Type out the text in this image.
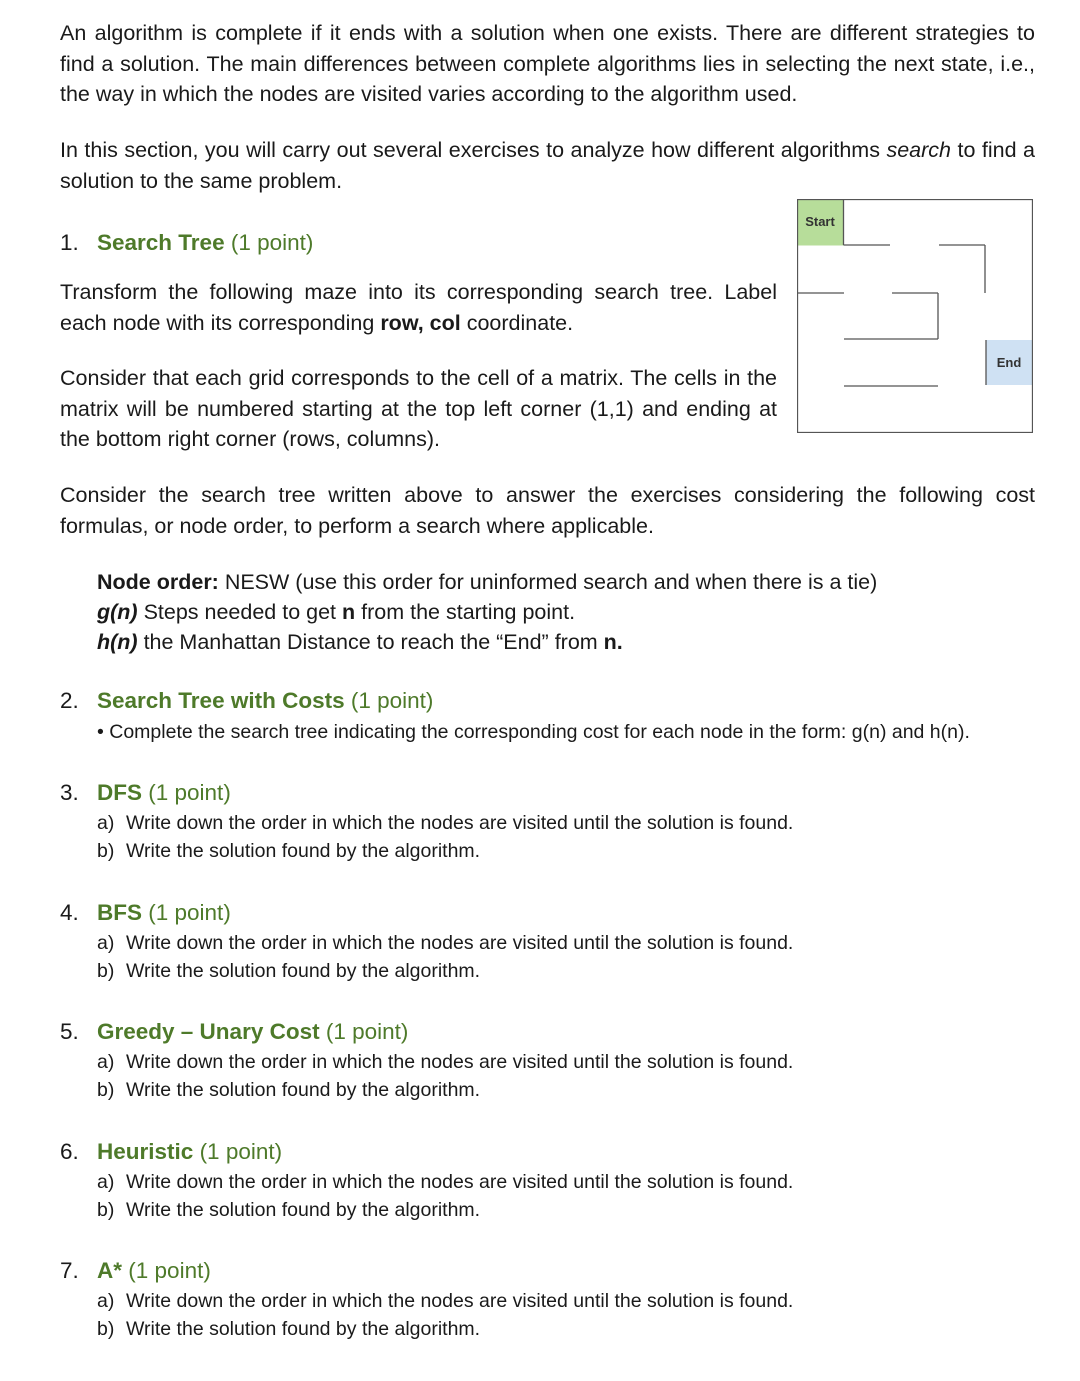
An algorithm is complete if it ends with a solution when one exists. There are different strategies to find a solution. The main differences between complete algorithms lies in selecting the next state, i.e., the way in which the nodes are visited varies according to the algorithm used.

In this section, you will carry out several exercises to analyze how different algorithms search to find a solution to the same problem.

1. Search Tree (1 point)

Transform the following maze into its corresponding search tree. Label each node with its corresponding row, col coordinate.

Consider that each grid corresponds to the cell of a matrix. The cells in the matrix will be numbered starting at the top left corner (1,1) and ending at the bottom right corner (rows, columns).

Start
End

Consider the search tree written above to answer the exercises considering the following cost formulas, or node order, to perform a search where applicable.

Node order: NESW (use this order for uninformed search and when there is a tie)
g(n) Steps needed to get n from the starting point.
h(n) the Manhattan Distance to reach the “End” from n.
2. Search Tree with Costs (1 point)
• Complete the search tree indicating the corresponding cost for each node in the form: g(n) and h(n).
3. DFS (1 point)
a) Write down the order in which the nodes are visited until the solution is found.
b) Write the solution found by the algorithm.
4. BFS (1 point)
a) Write down the order in which the nodes are visited until the solution is found.
b) Write the solution found by the algorithm.
5. Greedy – Unary Cost (1 point)
a) Write down the order in which the nodes are visited until the solution is found.
b) Write the solution found by the algorithm.
6. Heuristic (1 point)
a) Write down the order in which the nodes are visited until the solution is found.
b) Write the solution found by the algorithm.
7. A* (1 point)
a) Write down the order in which the nodes are visited until the solution is found.
b) Write the solution found by the algorithm.
